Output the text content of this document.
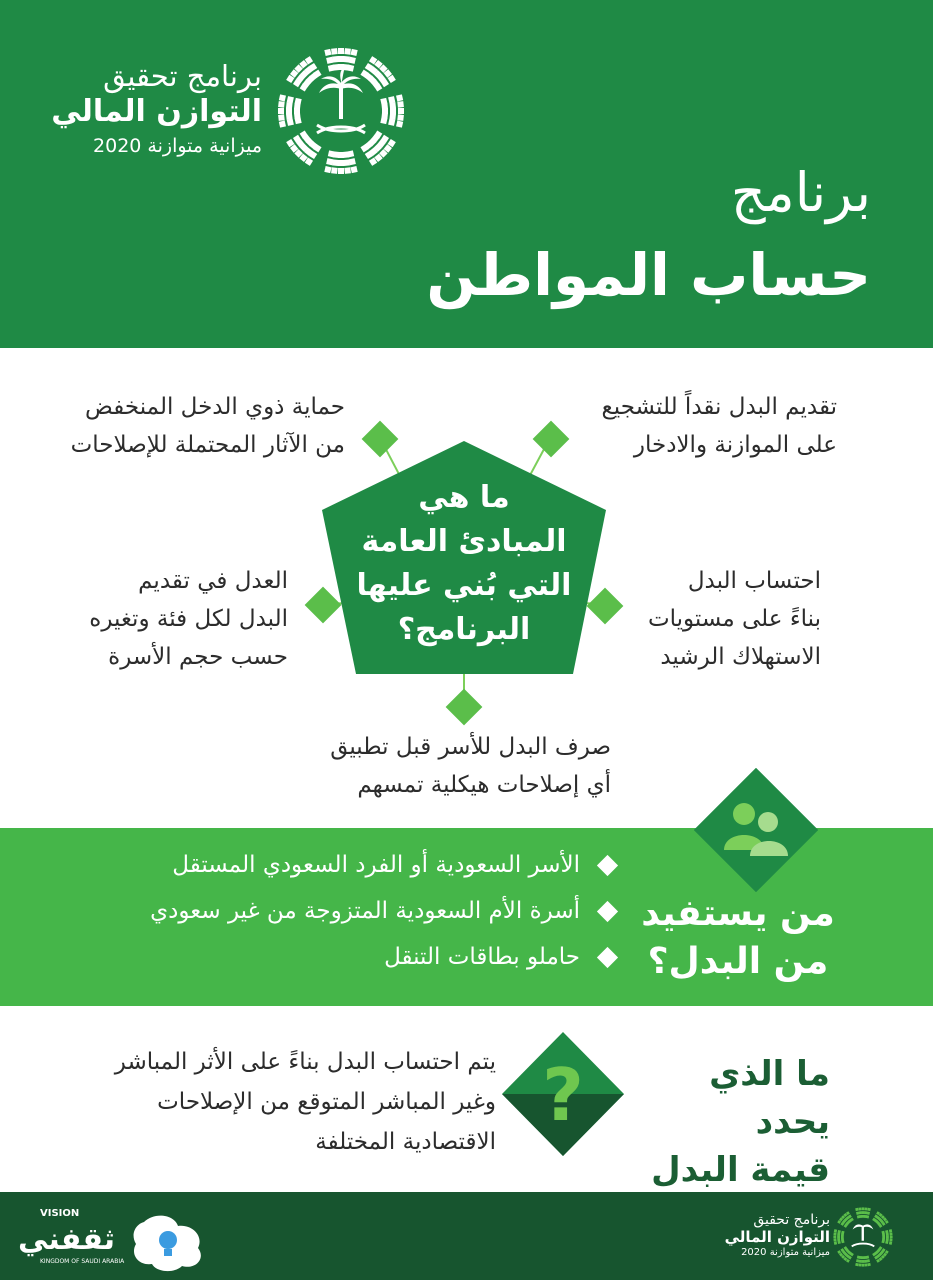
برنامج تحقيق
التوازن المالي
ميزانية متوازنة 2020
برنامج
حساب المواطن
ما هي
المبادئ العامة
التي بُني عليها
البرنامج؟
تقديم البدل نقداً للتشجيع
على الموازنة والادخار
حماية ذوي الدخل المنخفض
من الآثار المحتملة للإصلاحات
احتساب البدل
بناءً على مستويات
الاستهلاك الرشيد
العدل في تقديم
البدل لكل فئة وتغيره
حسب حجم الأسرة
صرف البدل للأسر قبل تطبيق
أي إصلاحات هيكلية تمسهم
الأسر السعودية أو الفرد السعودي المستقل
أسرة الأم السعودية المتزوجة من غير سعودي
حاملو بطاقات التنقل
من يستفيد
من البدل؟
?	ما الذي يحدد
قيمة البدل
يتم احتساب البدل بناءً على الأثر المباشر
وغير المباشر المتوقع من الإصلاحات
الاقتصادية المختلفة
برنامج تحقيق
التوازن المالي
ميزانية متوازنة 2020
VISION
ثقفني
KINGDOM OF SAUDI ARABIA
